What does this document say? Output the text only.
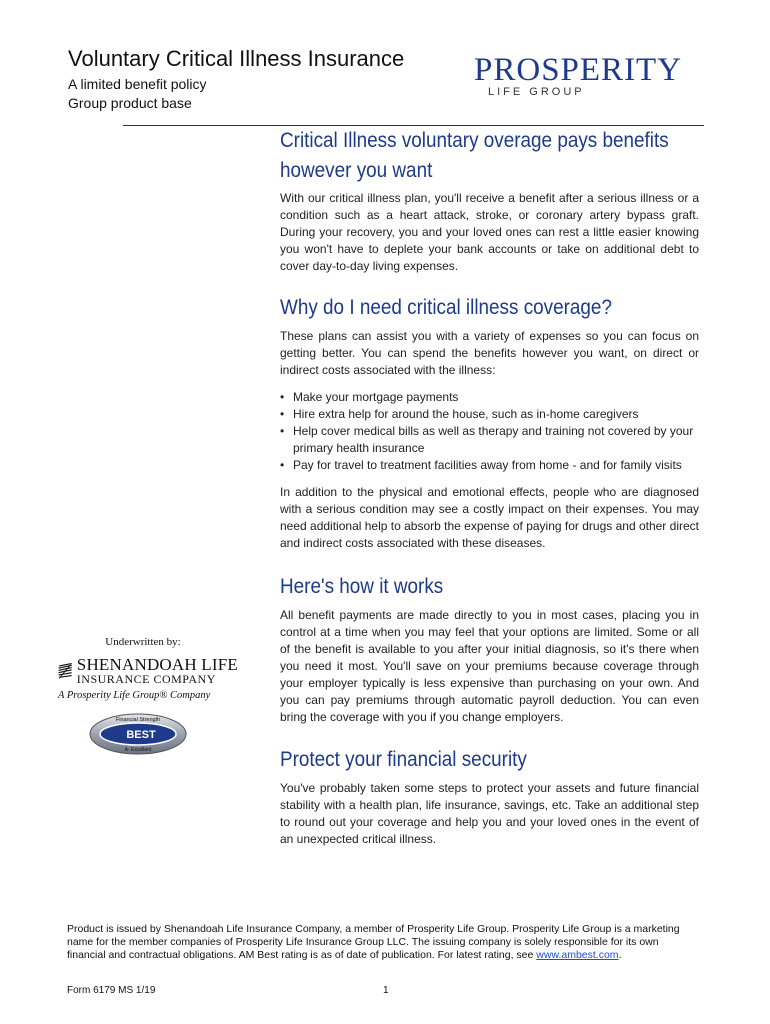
Voluntary Critical Illness Insurance
A limited benefit policy
Group product base
PROSPERITY
LIFE GROUP
Critical Illness voluntary overage pays benefits however you want

With our critical illness plan, you'll receive a benefit after a serious illness or a condition such as a heart attack, stroke, or coronary artery bypass graft. During your recovery, you and your loved ones can rest a little easier knowing you won't have to deplete your bank accounts or take on additional debt to cover day-to-day living expenses.

Why do I need critical illness coverage?

These plans can assist you with a variety of expenses so you can focus on getting better. You can spend the benefits however you want, on direct or indirect costs associated with the illness:

• Make your mortgage payments
• Hire extra help for around the house, such as in-home caregivers
• Help cover medical bills as well as therapy and training not covered by your primary health insurance
• Pay for travel to treatment facilities away from home - and for family visits

In addition to the physical and emotional effects, people who are diagnosed with a serious condition may see a costly impact on their expenses. You may need additional help to absorb the expense of paying for drugs and other direct and indirect costs associated with these diseases.

Here's how it works

All benefit payments are made directly to you in most cases, placing you in control at a time when you may feel that your options are limited. Some or all of the benefit is available to you after your initial diagnosis, so it's there when you need it most. You'll save on your premiums because coverage through your employer typically is less expensive than purchasing on your own. And you can pay premiums through automatic payroll deduction. You can even bring the coverage with you if you change employers.

Protect your financial security

You've probably taken some steps to protect your assets and future financial stability with a health plan, life insurance, savings, etc. Take an additional step to round out your coverage and help you and your loved ones in the event of an unexpected critical illness.

Underwritten by:
SHENANDOAH LIFE
INSURANCE COMPANY
A Prosperity Life Group® Company
Financial Strength
BEST
A- Excellent
Product is issued by Shenandoah Life Insurance Company, a member of Prosperity Life Group. Prosperity Life Group is a marketing name for the member companies of Prosperity Life Insurance Group LLC. The issuing company is solely responsible for its own financial and contractual obligations. AM Best rating is as of date of publication. For latest rating, see www.ambest.com.
Form 6179 MS 1/19	1
